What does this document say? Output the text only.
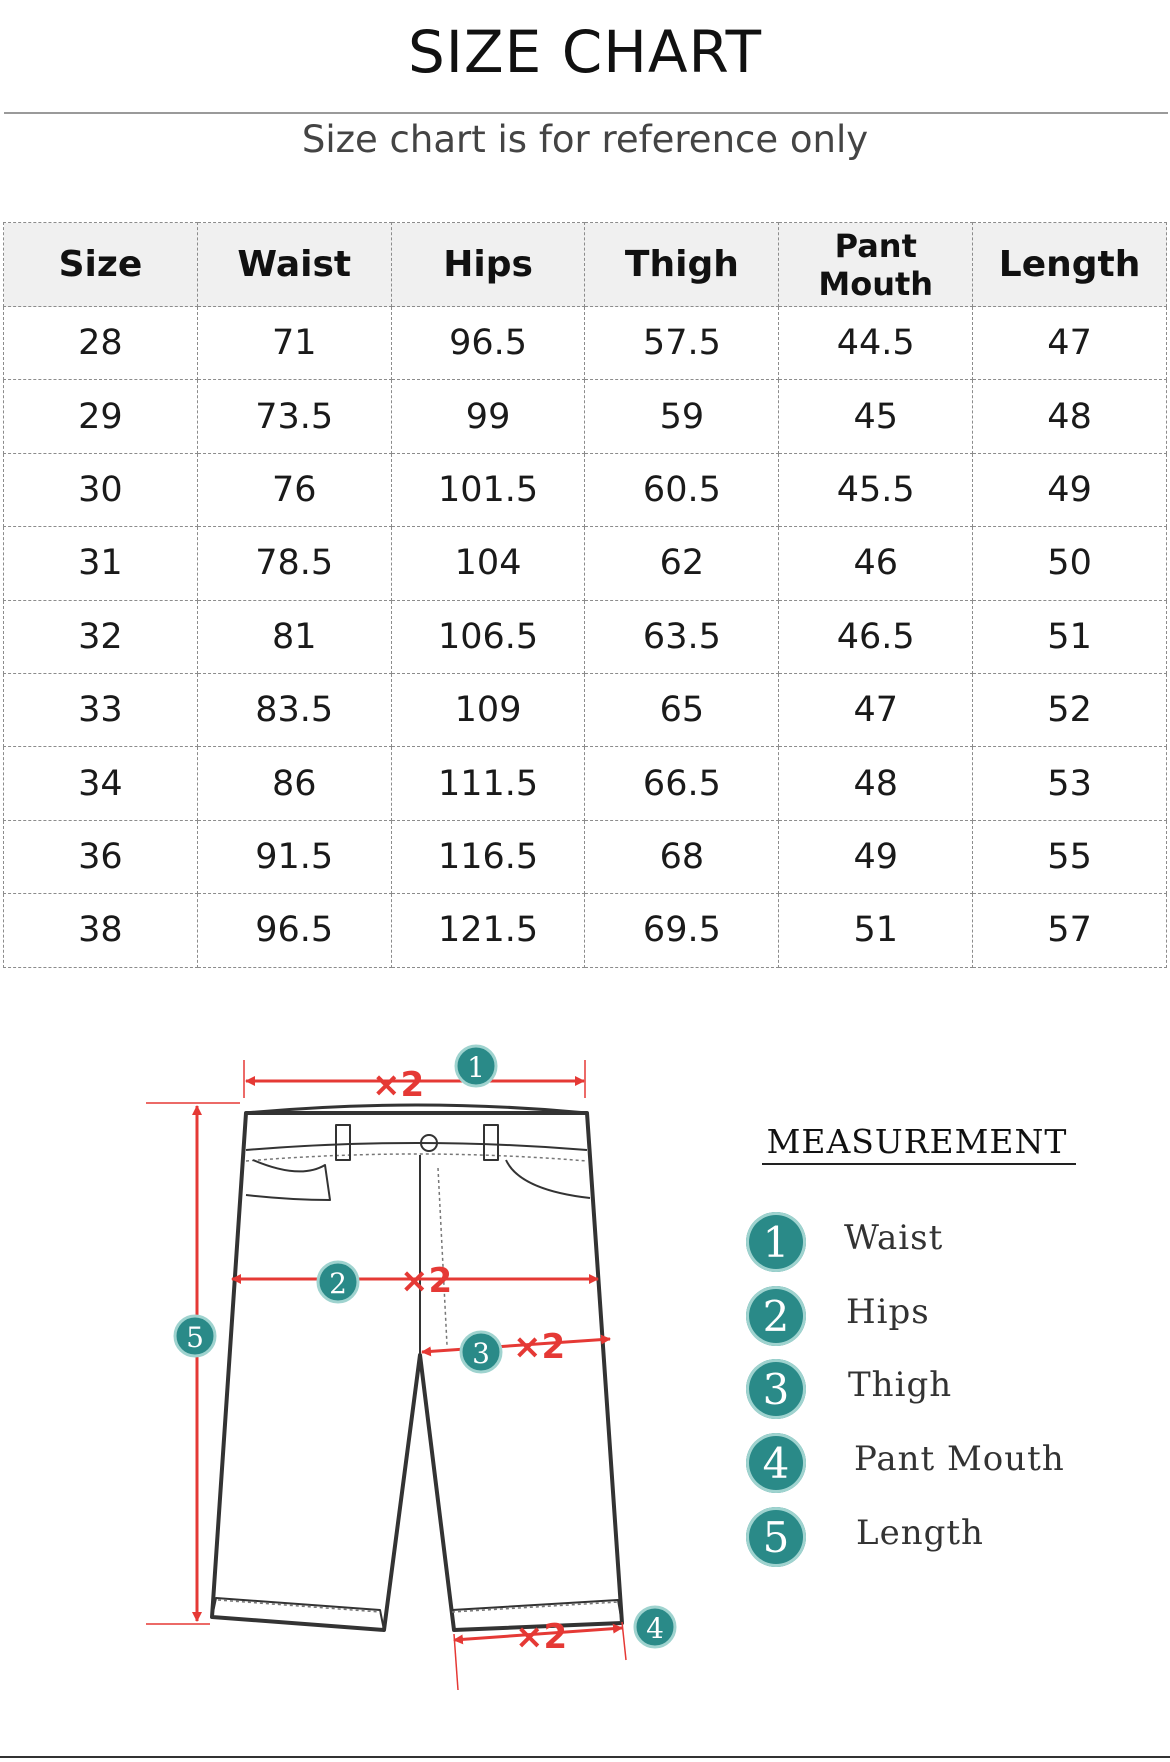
SIZE CHART
Size chart is for reference only
Size	Waist	Hips	Thigh	Pant Mouth	Length
28	71	96.5	57.5	44.5	47
29	73.5	99	59	45	48
30	76	101.5	60.5	45.5	49
31	78.5	104	62	46	50
32	81	106.5	63.5	46.5	51
33	83.5	109	65	47	52
34	86	111.5	66.5	48	53
36	91.5	116.5	68	49	55
38	96.5	121.5	69.5	51	57
×2
×2
×2
×2
1
2
3
4
5
MEASUREMENT
1	Waist
2	Hips
3	Thigh
4	Pant Mouth
5	Length
